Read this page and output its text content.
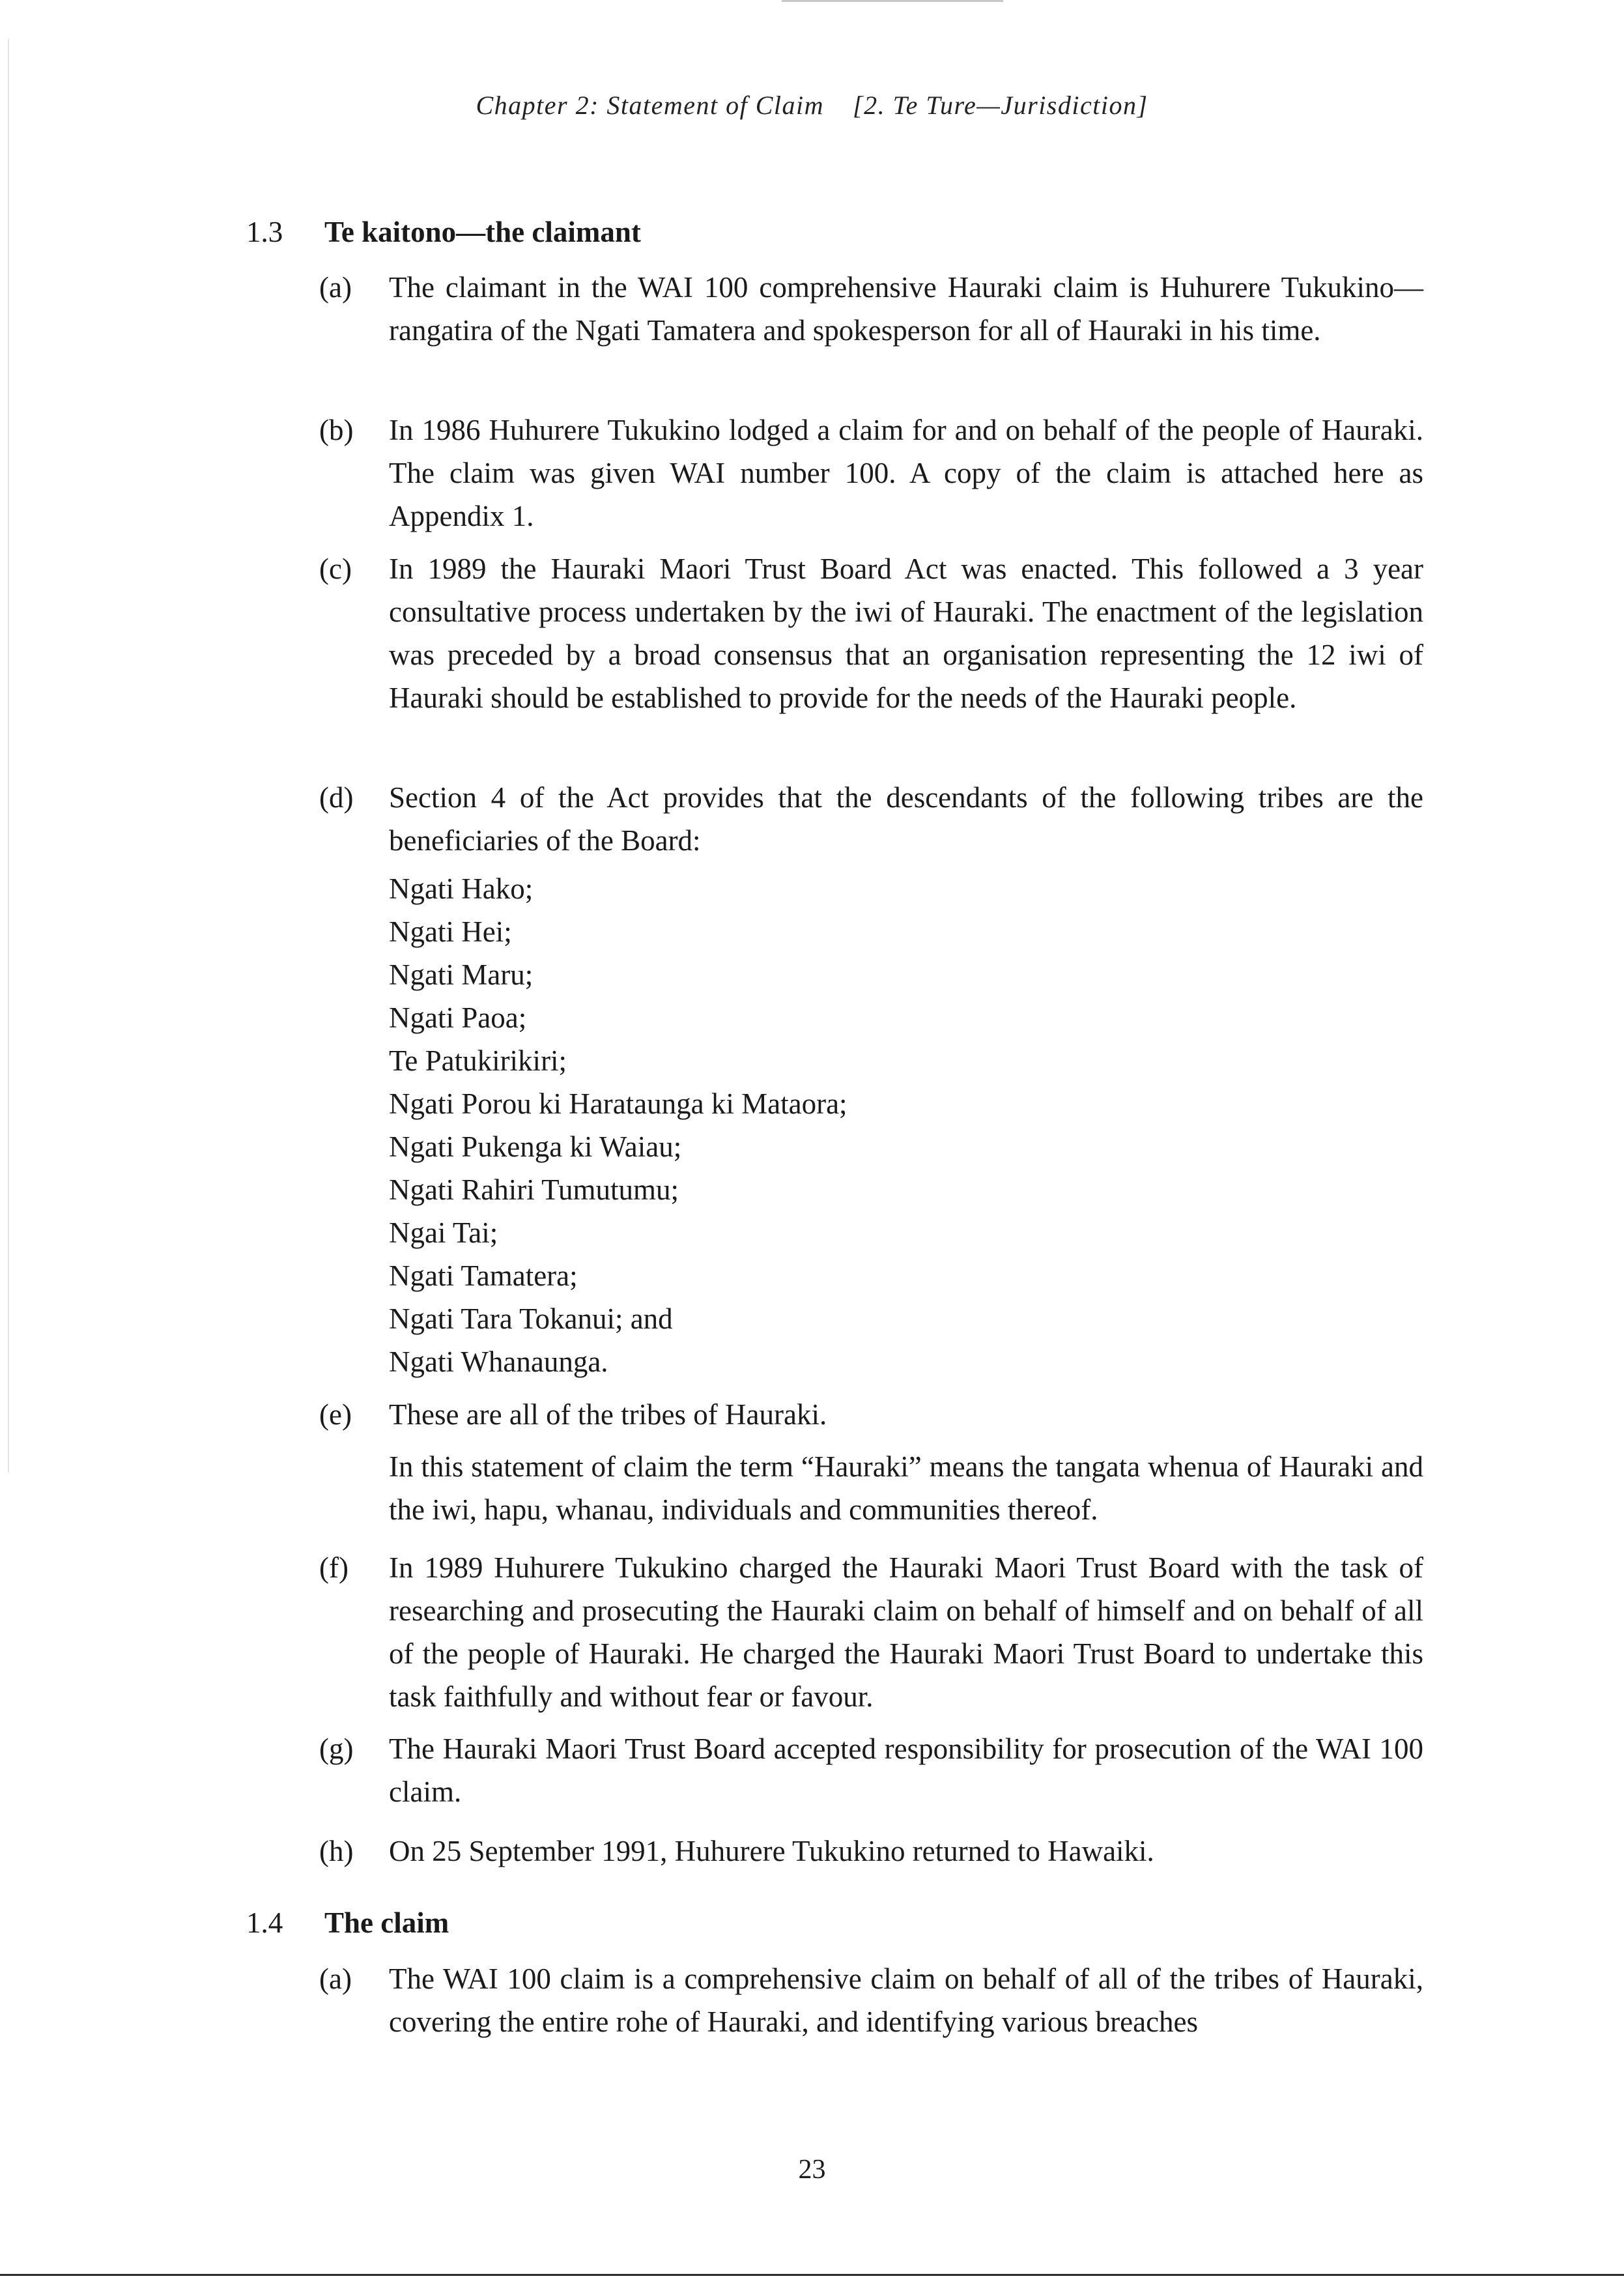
Chapter 2: Statement of Claim [2. Te Ture—Jurisdiction]
1.3 Te kaitono—the claimant
(a) The claimant in the WAI 100 comprehensive Hauraki claim is Huhurere Tukukino—rangatira of the Ngati Tamatera and spokesperson for all of Hauraki in his time.
(b) In 1986 Huhurere Tukukino lodged a claim for and on behalf of the people of Hauraki. The claim was given WAI number 100. A copy of the claim is attached here as Appendix 1.
(c) In 1989 the Hauraki Maori Trust Board Act was enacted. This followed a 3 year consultative process undertaken by the iwi of Hauraki. The enactment of the legislation was preceded by a broad consensus that an organisation representing the 12 iwi of Hauraki should be established to provide for the needs of the Hauraki people.
(d) Section 4 of the Act provides that the descendants of the following tribes are the beneficiaries of the Board:
Ngati Hako;
Ngati Hei;
Ngati Maru;
Ngati Paoa;
Te Patukirikiri;
Ngati Porou ki Harataunga ki Mataora;
Ngati Pukenga ki Waiau;
Ngati Rahiri Tumutumu;
Ngai Tai;
Ngati Tamatera;
Ngati Tara Tokanui; and
Ngati Whanaunga.
(e) These are all of the tribes of Hauraki.
In this statement of claim the term “Hauraki” means the tangata whenua of Hauraki and the iwi, hapu, whanau, individuals and communities thereof.
(f) In 1989 Huhurere Tukukino charged the Hauraki Maori Trust Board with the task of researching and prosecuting the Hauraki claim on behalf of himself and on behalf of all of the people of Hauraki. He charged the Hauraki Maori Trust Board to undertake this task faithfully and without fear or favour.
(g) The Hauraki Maori Trust Board accepted responsibility for prosecution of the WAI 100 claim.
(h) On 25 September 1991, Huhurere Tukukino returned to Hawaiki.
1.4 The claim
(a) The WAI 100 claim is a comprehensive claim on behalf of all of the tribes of Hauraki, covering the entire rohe of Hauraki, and identifying various breaches
23
